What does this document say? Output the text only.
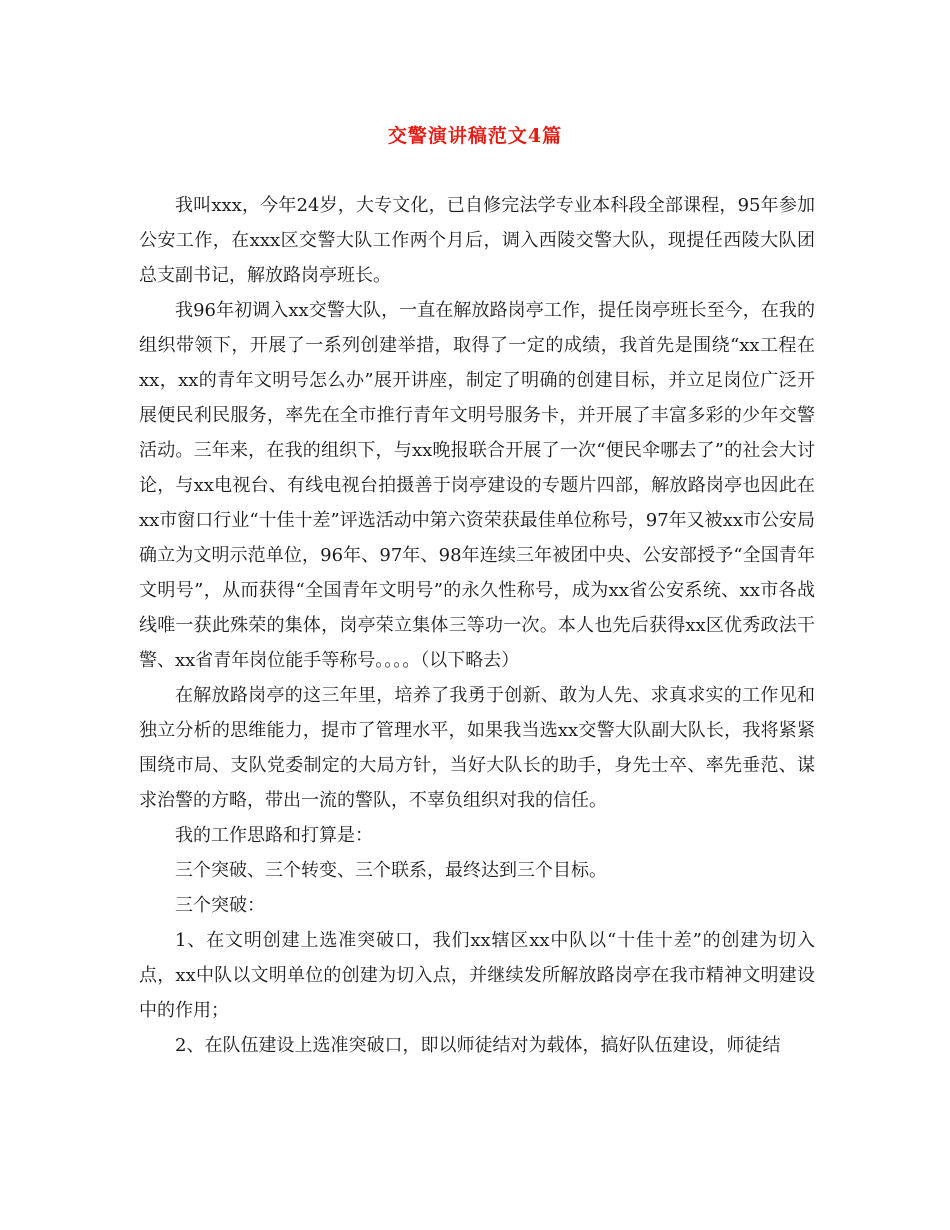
交警演讲稿范文4篇

我叫xxx，今年24岁，大专文化，已自修完法学专业本科段全部课程，95年参加公安工作，在xxx区交警大队工作两个月后，调入西陵交警大队，现提任西陵大队团总支副书记，解放路岗亭班长。

我96年初调入xx交警大队，一直在解放路岗亭工作，提任岗亭班长至今，在我的组织带领下，开展了一系列创建举措，取得了一定的成绩，我首先是围绕“xx工程在xx，xx的青年文明号怎么办”展开讲座，制定了明确的创建目标，并立足岗位广泛开展便民利民服务，率先在全市推行青年文明号服务卡，并开展了丰富多彩的少年交警活动。三年来，在我的组织下，与xx晚报联合开展了一次“便民伞哪去了”的社会大讨论，与xx电视台、有线电视台拍摄善于岗亭建设的专题片四部，解放路岗亭也因此在xx市窗口行业“十佳十差”评选活动中第六资荣获最佳单位称号，97年又被xx市公安局确立为文明示范单位，96年、97年、98年连续三年被团中央、公安部授予“全国青年文明号”，从而获得“全国青年文明号”的永久性称号，成为xx省公安系统、xx市各战线唯一获此殊荣的集体，岗亭荣立集体三等功一次。本人也先后获得xx区优秀政法干警、xx省青年岗位能手等称号。。。。（以下略去）

在解放路岗亭的这三年里，培养了我勇于创新、敢为人先、求真求实的工作见和独立分析的思维能力，提市了管理水平，如果我当选xx交警大队副大队长，我将紧紧围绕市局、支队党委制定的大局方针，当好大队长的助手，身先士卒、率先垂范、谋求治警的方略，带出一流的警队，不辜负组织对我的信任。

我的工作思路和打算是：

三个突破、三个转变、三个联系，最终达到三个目标。

三个突破：

1、在文明创建上选准突破口，我们xx辖区xx中队以“十佳十差”的创建为切入点，xx中队以文明单位的创建为切入点，并继续发所解放路岗亭在我市精神文明建设中的作用；

2、在队伍建设上选准突破口，即以师徒结对为载体，搞好队伍建设，师徒结
